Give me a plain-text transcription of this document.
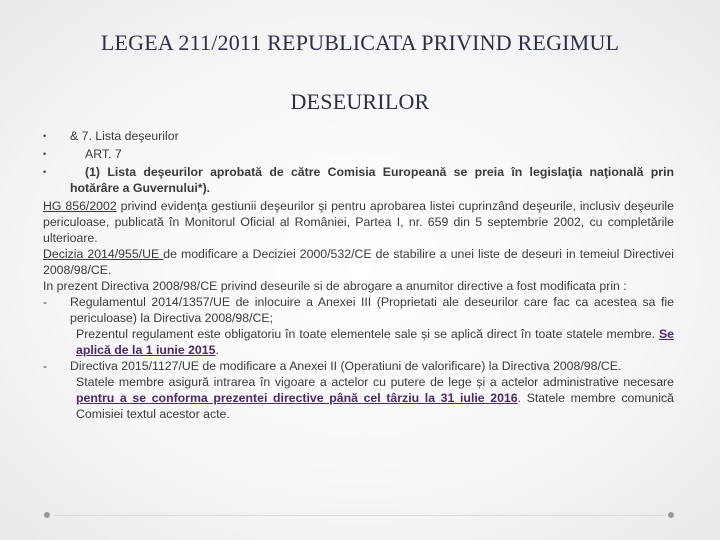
LEGEA 211/2011 REPUBLICATA PRIVIND REGIMUL
DESEURILOR
•	& 7. Lista deşeurilor
•	ART. 7
•	(1) Lista deşeurilor aprobată de către Comisia Europeană se preia în legislaţia naţională prin hotărâre a Guvernului*).

HG 856/2002 privind evidenţa gestiunii deşeurilor şi pentru aprobarea listei cuprinzând deşeurile, inclusiv deşeurile periculoase, publicată în Monitorul Oficial al României, Partea I, nr. 659 din 5 septembrie 2002, cu completările ulterioare.

Decizia 2014/955/UE de modificare a Deciziei 2000/532/CE de stabilire a unei liste de deseuri in temeiul Directivei 2008/98/CE.

In prezent Directiva 2008/98/CE privind deseurile si de abrogare a anumitor directive a fost modificata prin :

-	Regulamentul 2014/1357/UE de inlocuire a Anexei III (Proprietati ale deseurilor care fac ca acestea sa fie periculoase) la Directiva 2008/98/CE;
Prezentul regulament este obligatoriu în toate elementele sale și se aplică direct în toate statele membre. Se aplică de la 1 iunie 2015.
-	Directiva 2015/1127/UE de modificare a Anexei II (Operatiuni de valorificare) la Directiva 2008/98/CE.
Statele membre asigură intrarea în vigoare a actelor cu putere de lege și a actelor administrative necesare pentru a se conforma prezentei directive până cel târziu la 31 iulie 2016. Statele membre comunică Comisiei textul acestor acte.
